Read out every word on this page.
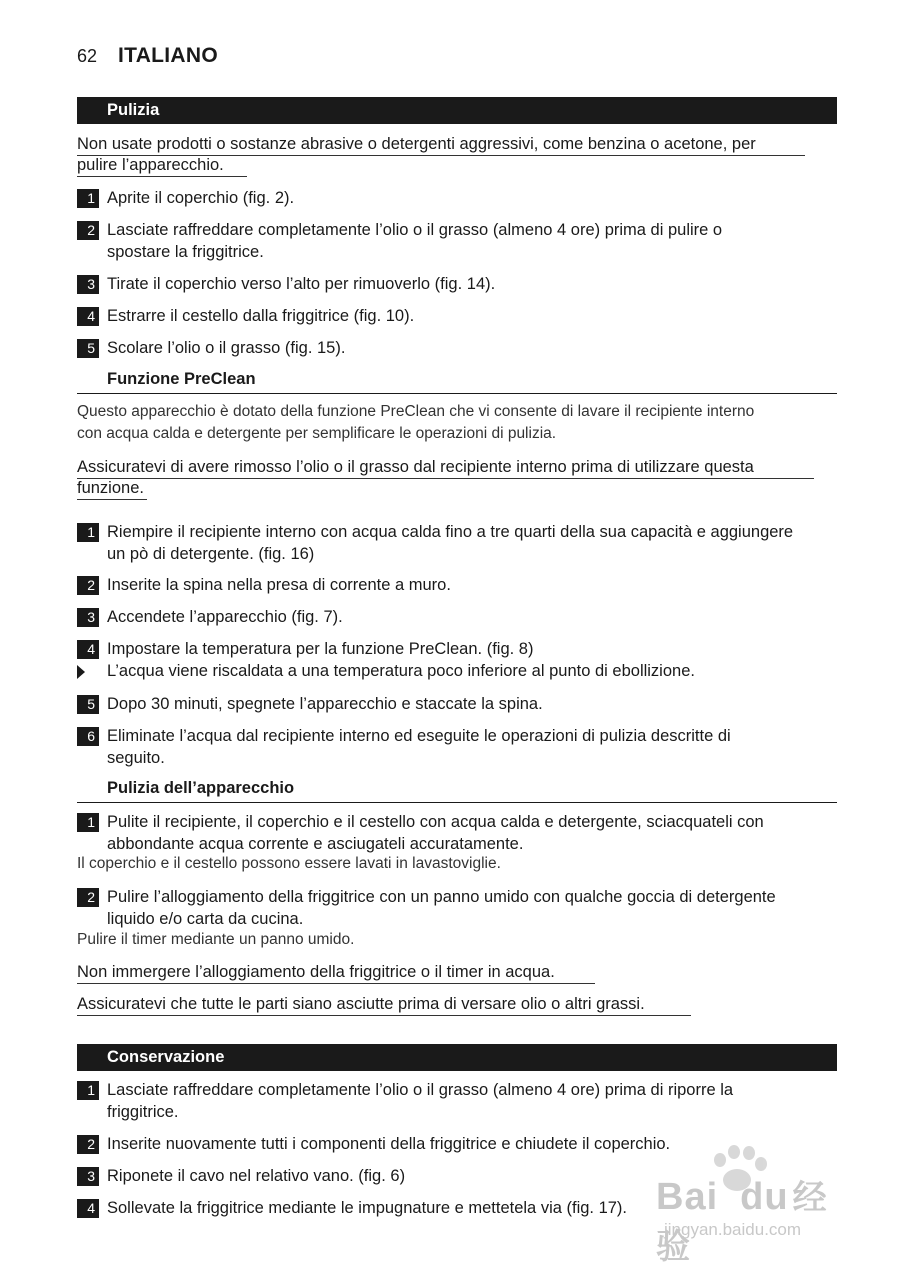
62 ITALIANO
Pulizia
Non usate prodotti o sostanze abrasive o detergenti aggressivi, come benzina o acetone, per
pulire l’apparecchio.
1 Aprite il coperchio (fig. 2).
2 Lasciate raffreddare completamente l’olio o il grasso (almeno 4 ore) prima di pulire o
spostare la friggitrice.
3 Tirate il coperchio verso l’alto per rimuoverlo (fig. 14).
4 Estrarre il cestello dalla friggitrice (fig. 10).
5 Scolare l’olio o il grasso (fig. 15).
Funzione PreClean
Questo apparecchio è dotato della funzione PreClean che vi consente di lavare il recipiente interno
con acqua calda e detergente per semplificare le operazioni di pulizia.
Assicuratevi di avere rimosso l’olio o il grasso dal recipiente interno prima di utilizzare questa
funzione.
1 Riempire il recipiente interno con acqua calda fino a tre quarti della sua capacità e aggiungere
un pò di detergente. (fig. 16)
2 Inserite la spina nella presa di corrente a muro.
3 Accendete l’apparecchio (fig. 7).
4 Impostare la temperatura per la funzione PreClean. (fig. 8)
L’acqua viene riscaldata a una temperatura poco inferiore al punto di ebollizione.
5 Dopo 30 minuti, spegnete l’apparecchio e staccate la spina.
6 Eliminate l’acqua dal recipiente interno ed eseguite le operazioni di pulizia descritte di
seguito.
Pulizia dell’apparecchio
1 Pulite il recipiente, il coperchio e il cestello con acqua calda e detergente, sciacquateli con
abbondante acqua corrente e asciugateli accuratamente.
Il coperchio e il cestello possono essere lavati in lavastoviglie.
2 Pulire l’alloggiamento della friggitrice con un panno umido con qualche goccia di detergente
liquido e/o carta da cucina.
Pulire il timer mediante un panno umido.
Non immergere l’alloggiamento della friggitrice o il timer in acqua.
Assicuratevi che tutte le parti siano asciutte prima di versare olio o altri grassi.
Conservazione
1 Lasciate raffreddare completamente l’olio o il grasso (almeno 4 ore) prima di riporre la
friggitrice.
2 Inserite nuovamente tutti i componenti della friggitrice e chiudete il coperchio.
3 Riponete il cavo nel relativo vano. (fig. 6)
4 Sollevate la friggitrice mediante le impugnature e mettetela via (fig. 17). Bai du 经验
jingyan.baidu.com
